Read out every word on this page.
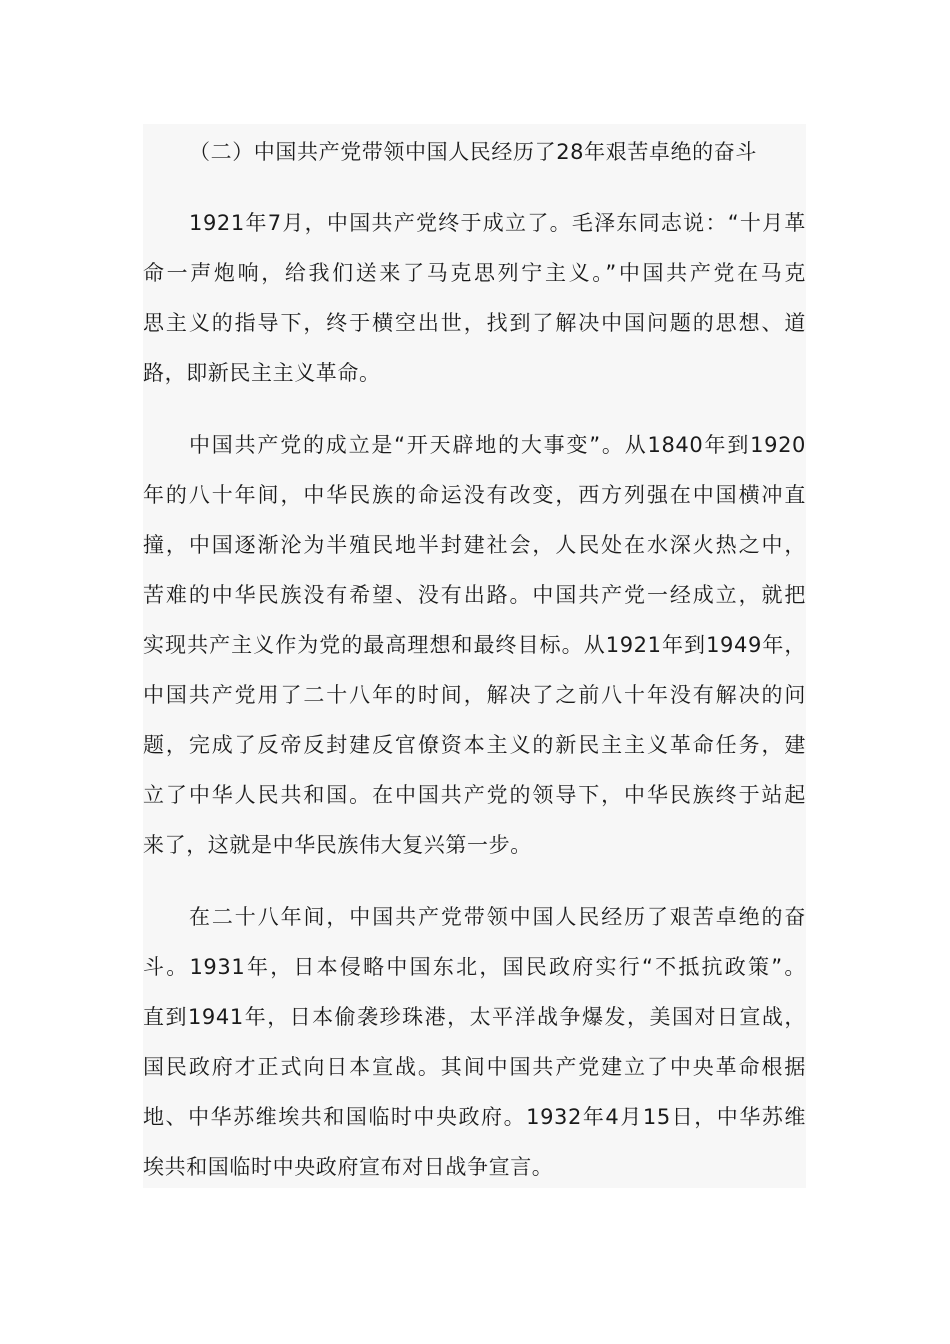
（二）中国共产党带领中国人民经历了28年艰苦卓绝的奋斗
1921年7月，中国共产党终于成立了。毛泽东同志说：“十月革
命一声炮响，给我们送来了马克思列宁主义。”中国共产党在马克
思主义的指导下，终于横空出世，找到了解决中国问题的思想、道
路，即新民主主义革命。
中国共产党的成立是“开天辟地的大事变”。从1840年到1920
年的八十年间，中华民族的命运没有改变，西方列强在中国横冲直
撞，中国逐渐沦为半殖民地半封建社会，人民处在水深火热之中，
苦难的中华民族没有希望、没有出路。中国共产党一经成立，就把
实现共产主义作为党的最高理想和最终目标。从1921年到1949年，
中国共产党用了二十八年的时间，解决了之前八十年没有解决的问
题，完成了反帝反封建反官僚资本主义的新民主主义革命任务，建
立了中华人民共和国。在中国共产党的领导下，中华民族终于站起
来了，这就是中华民族伟大复兴第一步。
在二十八年间，中国共产党带领中国人民经历了艰苦卓绝的奋
斗。1931年，日本侵略中国东北，国民政府实行“不抵抗政策”。
直到1941年，日本偷袭珍珠港，太平洋战争爆发，美国对日宣战，
国民政府才正式向日本宣战。其间中国共产党建立了中央革命根据
地、中华苏维埃共和国临时中央政府。1932年4月15日，中华苏维
埃共和国临时中央政府宣布对日战争宣言。
